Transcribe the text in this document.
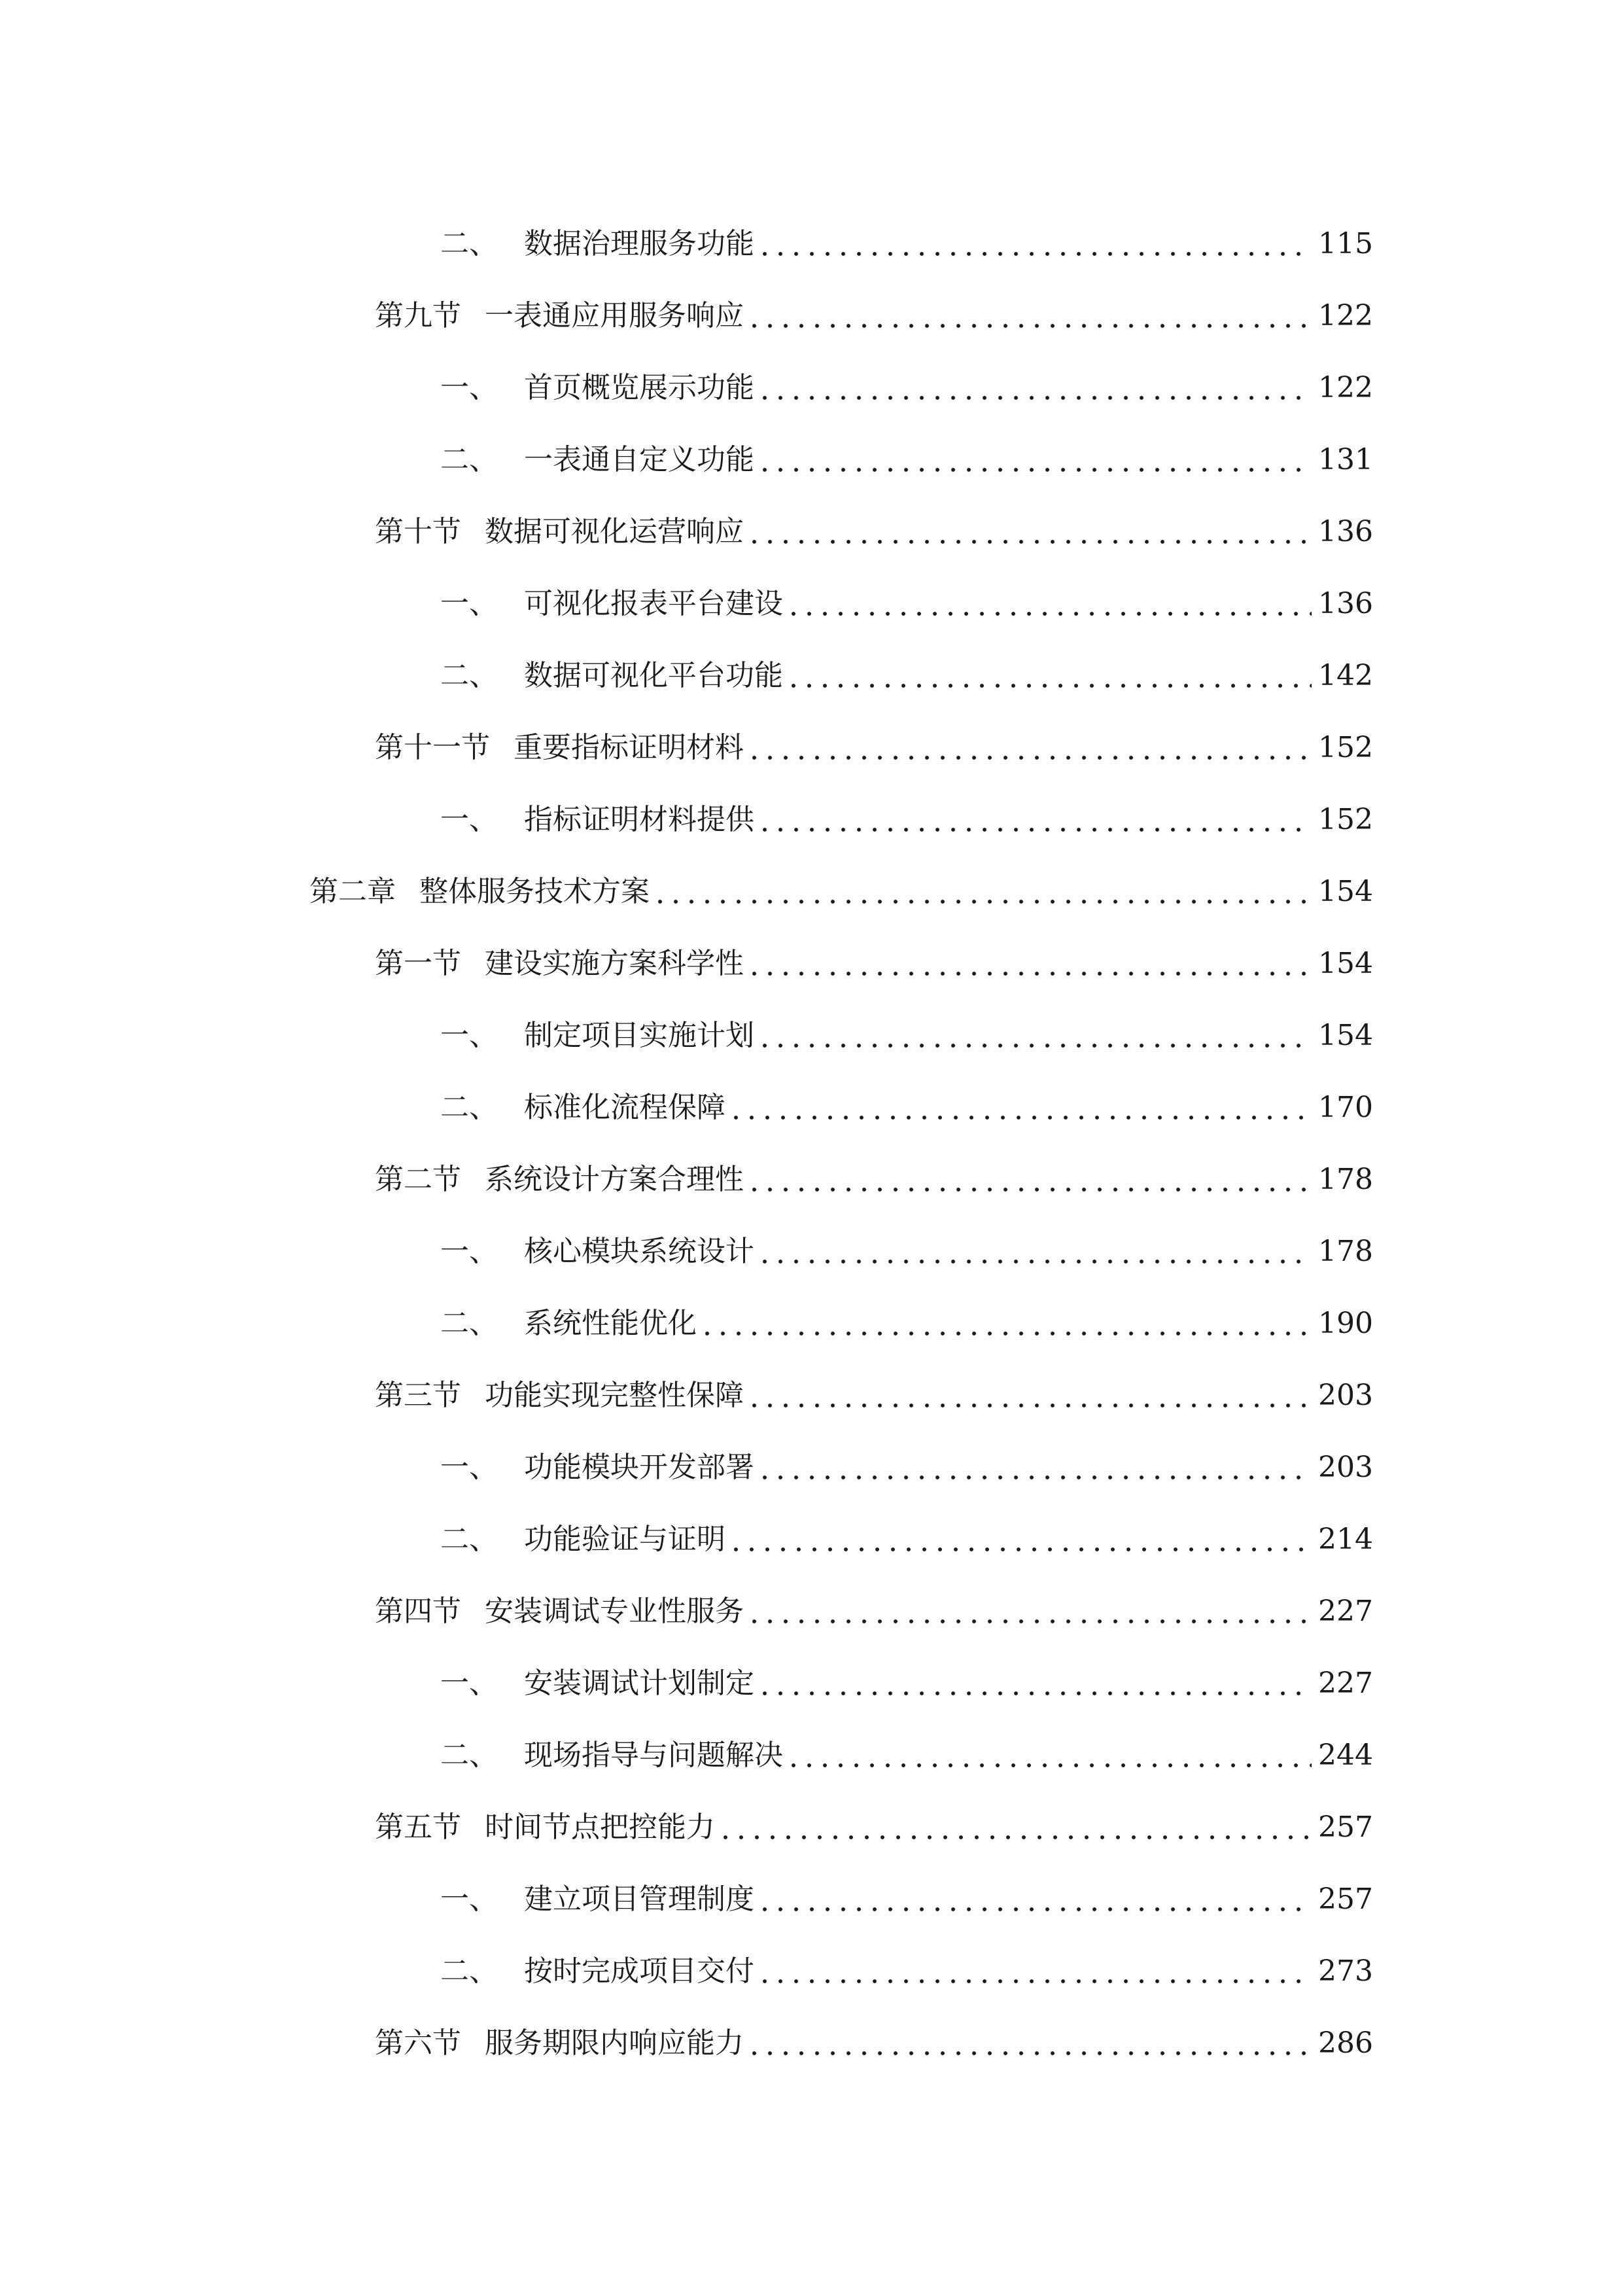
二、 数据治理服务功能	115
第九节 一表通应用服务响应	122
一、 首页概览展示功能	122
二、 一表通自定义功能	131
第十节 数据可视化运营响应	136
一、 可视化报表平台建设	136
二、 数据可视化平台功能	142
第十一节 重要指标证明材料	152
一、 指标证明材料提供	152
第二章 整体服务技术方案	154
第一节 建设实施方案科学性	154
一、 制定项目实施计划	154
二、 标准化流程保障	170
第二节 系统设计方案合理性	178
一、 核心模块系统设计	178
二、 系统性能优化	190
第三节 功能实现完整性保障	203
一、 功能模块开发部署	203
二、 功能验证与证明	214
第四节 安装调试专业性服务	227
一、 安装调试计划制定	227
二、 现场指导与问题解决	244
第五节 时间节点把控能力	257
一、 建立项目管理制度	257
二、 按时完成项目交付	273
第六节 服务期限内响应能力	286
